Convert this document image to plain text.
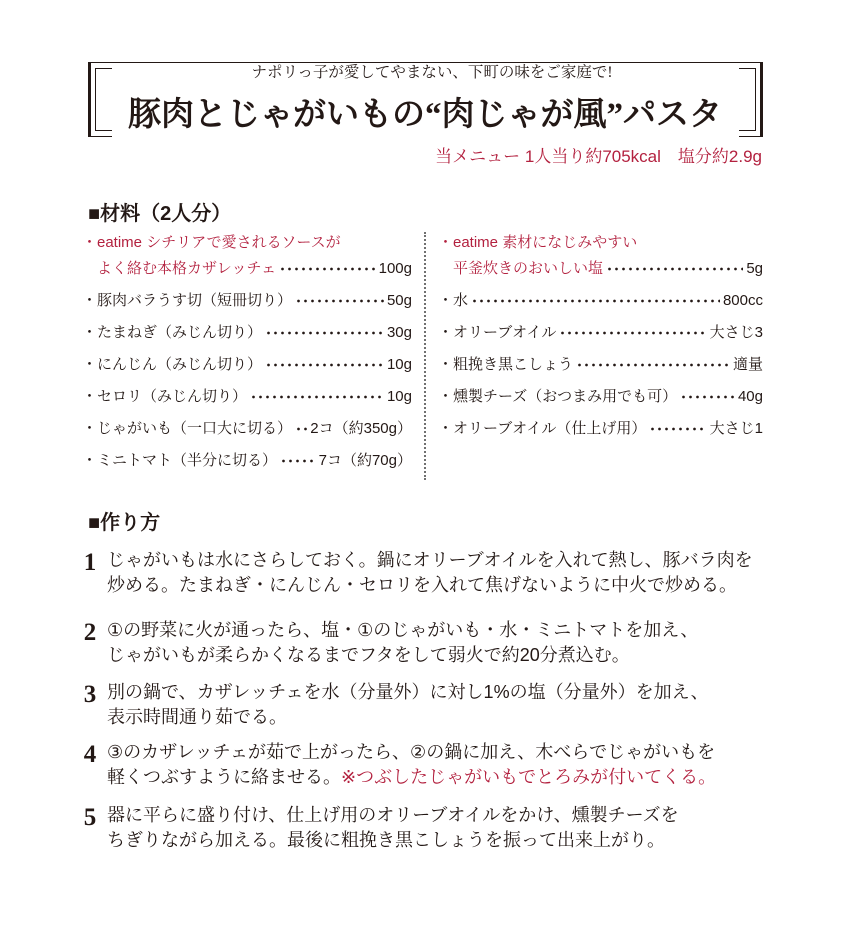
ナポリっ子が愛してやまない、下町の味をご家庭で!
豚肉とじゃがいもの“肉じゃが風”パスタ
当メニュー 1人当り約705kcal　塩分約2.9g
■材料（2人分）
・eatime シチリアで愛されるソースが
よく絡む本格カザレッチェ	100g
・豚肉バラうす切（短冊切り）	50g
・たまねぎ（みじん切り）	30g
・にんじん（みじん切り）	10g
・セロリ（みじん切り）	10g
・じゃがいも（一口大に切る） 2コ（約350g）
・ミニトマト（半分に切る）	7コ（約70g）
・eatime 素材になじみやすい
平釜炊きのおいしい塩	5g
・水	800cc
・オリーブオイル	大さじ3
・粗挽き黒こしょう	適量
・燻製チーズ（おつまみ用でも可）	40g
・オリーブオイル（仕上げ用）	大さじ1
■作り方
1 じゃがいもは水にさらしておく。鍋にオリーブオイルを入れて熱し、豚バラ肉を
炒める。たまねぎ・にんじん・セロリを入れて焦げないように中火で炒める。
2 ①の野菜に火が通ったら、塩・①のじゃがいも・水・ミニトマトを加え、
じゃがいもが柔らかくなるまでフタをして弱火で約20分煮込む。
3 別の鍋で、カザレッチェを水（分量外）に対し1%の塩（分量外）を加え、
表示時間通り茹でる。
4 ③のカザレッチェが茹で上がったら、②の鍋に加え、木べらでじゃがいもを
軽くつぶすように絡ませる。※つぶしたじゃがいもでとろみが付いてくる。
5 器に平らに盛り付け、仕上げ用のオリーブオイルをかけ、燻製チーズを
ちぎりながら加える。最後に粗挽き黒こしょうを振って出来上がり。
